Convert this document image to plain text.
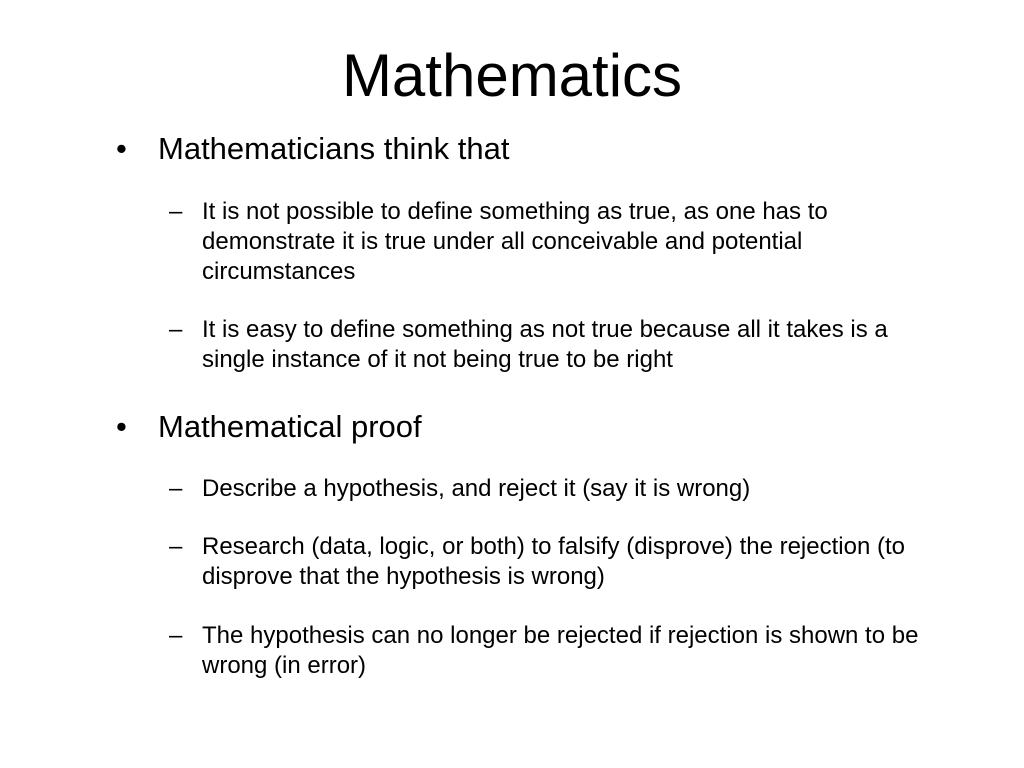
Mathematics
• Mathematicians think that
– It is not possible to define something as true, as one has to demonstrate it is true under all conceivable and potential circumstances
– It is easy to define something as not true because all it takes is a single instance of it not being true to be right
• Mathematical proof
– Describe a hypothesis, and reject it (say it is wrong)
– Research (data, logic, or both) to falsify (disprove) the rejection (to disprove that the hypothesis is wrong)
– The hypothesis can no longer be rejected if rejection is shown to be wrong (in error)
